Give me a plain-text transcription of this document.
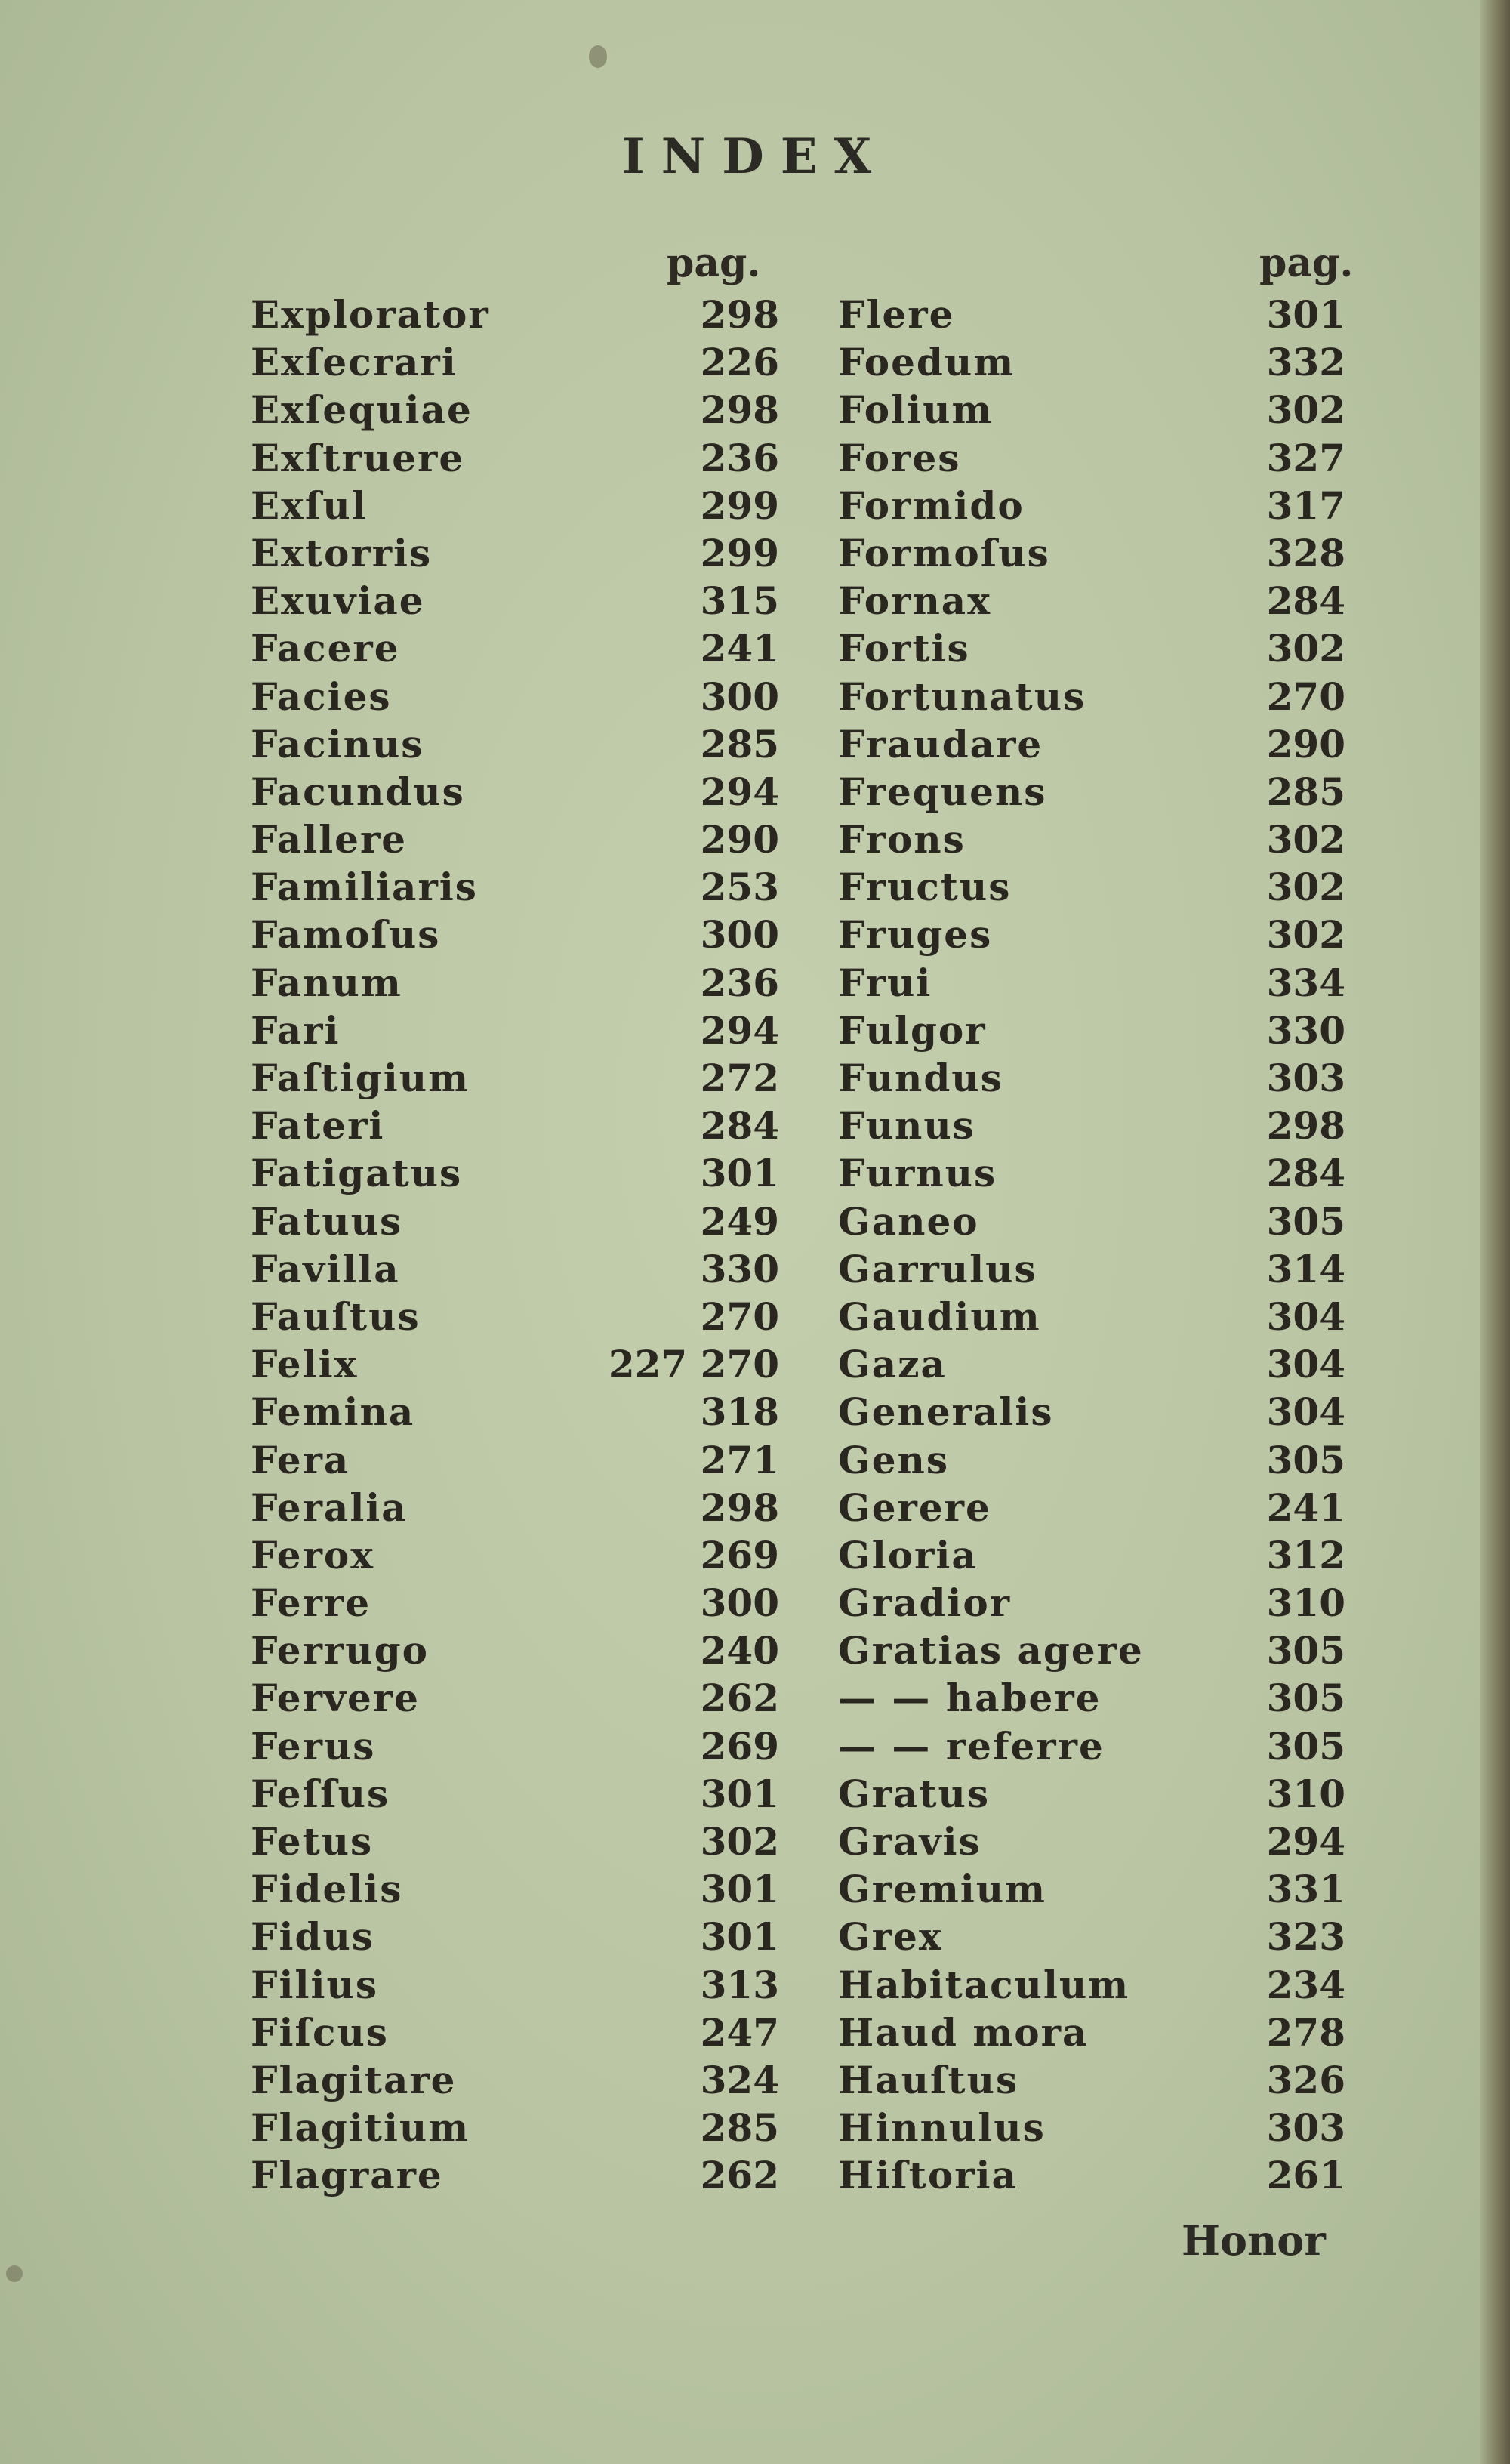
INDEX
pag.	pag.
Explorator	298
Exſecrari	226
Exſequiae	298
Exſtruere	236
Exſul	299
Extorris	299
Exuviae	315
Facere	241
Facies	300
Facinus	285
Facundus	294
Fallere	290
Familiaris	253
Famoſus	300
Fanum	236
Fari	294
Faſtigium	272
Fateri	284
Fatigatus	301
Fatuus	249
Favilla	330
Fauſtus	270
Felix	227 270
Femina	318
Fera	271
Feralia	298
Ferox	269
Ferre	300
Ferrugo	240
Fervere	262
Ferus	269
Feſſus	301
Fetus	302
Fidelis	301
Fidus	301
Filius	313
Fiſcus	247
Flagitare	324
Flagitium	285
Flagrare	262
Flere	301
Foedum	332
Folium	302
Fores	327
Formido	317
Formoſus	328
Fornax	284
Fortis	302
Fortunatus	270
Fraudare	290
Frequens	285
Frons	302
Fructus	302
Fruges	302
Frui	334
Fulgor	330
Fundus	303
Funus	298
Furnus	284
Ganeo	305
Garrulus	314
Gaudium	304
Gaza	304
Generalis	304
Gens	305
Gerere	241
Gloria	312
Gradior	310
Gratias agere	305
— — habere	305
— — referre	305
Gratus	310
Gravis	294
Gremium	331
Grex	323
Habitaculum	234
Haud mora	278
Hauſtus	326
Hinnulus	303
Hiſtoria	261
Honor
